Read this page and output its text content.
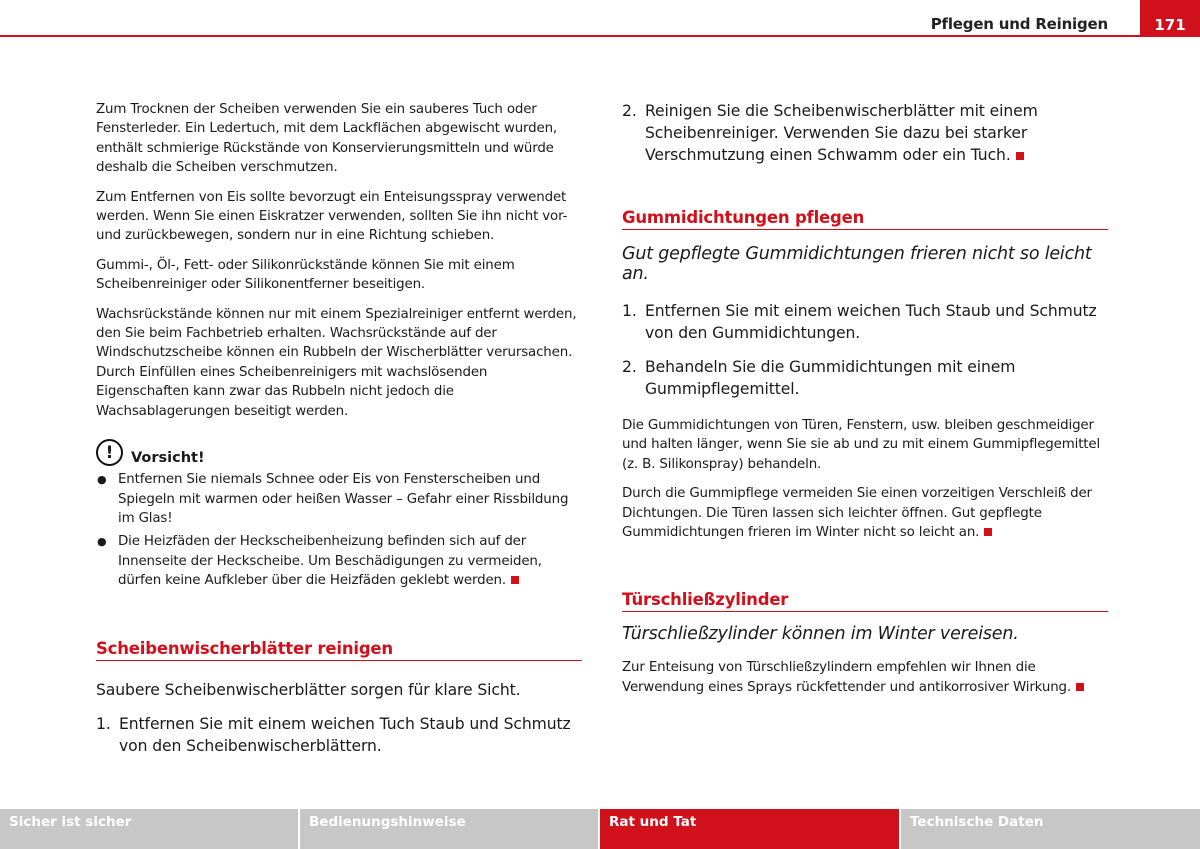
Pflegen und Reinigen	171

Zum Trocknen der Scheiben verwenden Sie ein sauberes Tuch oder Fensterleder. Ein Ledertuch, mit dem Lackflächen abgewischt wurden, enthält schmierige Rückstände von Konservierungsmitteln und würde deshalb die Scheiben verschmutzen.

Zum Entfernen von Eis sollte bevorzugt ein Enteisungsspray verwendet werden. Wenn Sie einen Eiskratzer verwenden, sollten Sie ihn nicht vor- und zurückbewegen, sondern nur in eine Richtung schieben.

Gummi-, Öl-, Fett- oder Silikonrückstände können Sie mit einem Scheibenreiniger oder Silikonentferner beseitigen.

Wachsrückstände können nur mit einem Spezialreiniger entfernt werden, den Sie beim Fachbetrieb erhalten. Wachsrückstände auf der Windschutzscheibe können ein Rubbeln der Wischerblätter verursachen. Durch Einfüllen eines Scheibenreinigers mit wachslösenden Eigenschaften kann zwar das Rubbeln nicht jedoch die Wachsablagerungen beseitigt werden.

!	Vorsicht!
● Entfernen Sie niemals Schnee oder Eis von Fensterscheiben und Spiegeln mit warmen oder heißen Wasser – Gefahr einer Rissbildung im Glas!
● Die Heizfäden der Heckscheibenheizung befinden sich auf der Innenseite der Heckscheibe. Um Beschädigungen zu vermeiden, dürfen keine Aufkleber über die Heizfäden geklebt werden.
Scheibenwischerblätter reinigen

Saubere Scheibenwischerblätter sorgen für klare Sicht.

1. Entfernen Sie mit einem weichen Tuch Staub und Schmutz von den Scheibenwischerblättern.
2. Reinigen Sie die Scheibenwischerblätter mit einem Scheibenreiniger. Verwenden Sie dazu bei starker Verschmutzung einen Schwamm oder ein Tuch.
Gummidichtungen pflegen

Gut gepflegte Gummidichtungen frieren nicht so leicht an.

1. Entfernen Sie mit einem weichen Tuch Staub und Schmutz von den Gummidichtungen.
2. Behandeln Sie die Gummidichtungen mit einem Gummipflegemittel.

Die Gummidichtungen von Türen, Fenstern, usw. bleiben geschmeidiger und halten länger, wenn Sie sie ab und zu mit einem Gummipflegemittel (z. B. Silikonspray) behandeln.

Durch die Gummipflege vermeiden Sie einen vorzeitigen Verschleiß der Dichtungen. Die Türen lassen sich leichter öffnen. Gut gepflegte Gummidichtungen frieren im Winter nicht so leicht an.

Türschließzylinder

Türschließzylinder können im Winter vereisen.

Zur Enteisung von Türschließzylindern empfehlen wir Ihnen die Verwendung eines Sprays rückfettender und antikorrosiver Wirkung.

Sicher ist sicher	Bedienungshinweise	Rat und Tat	Technische Daten
